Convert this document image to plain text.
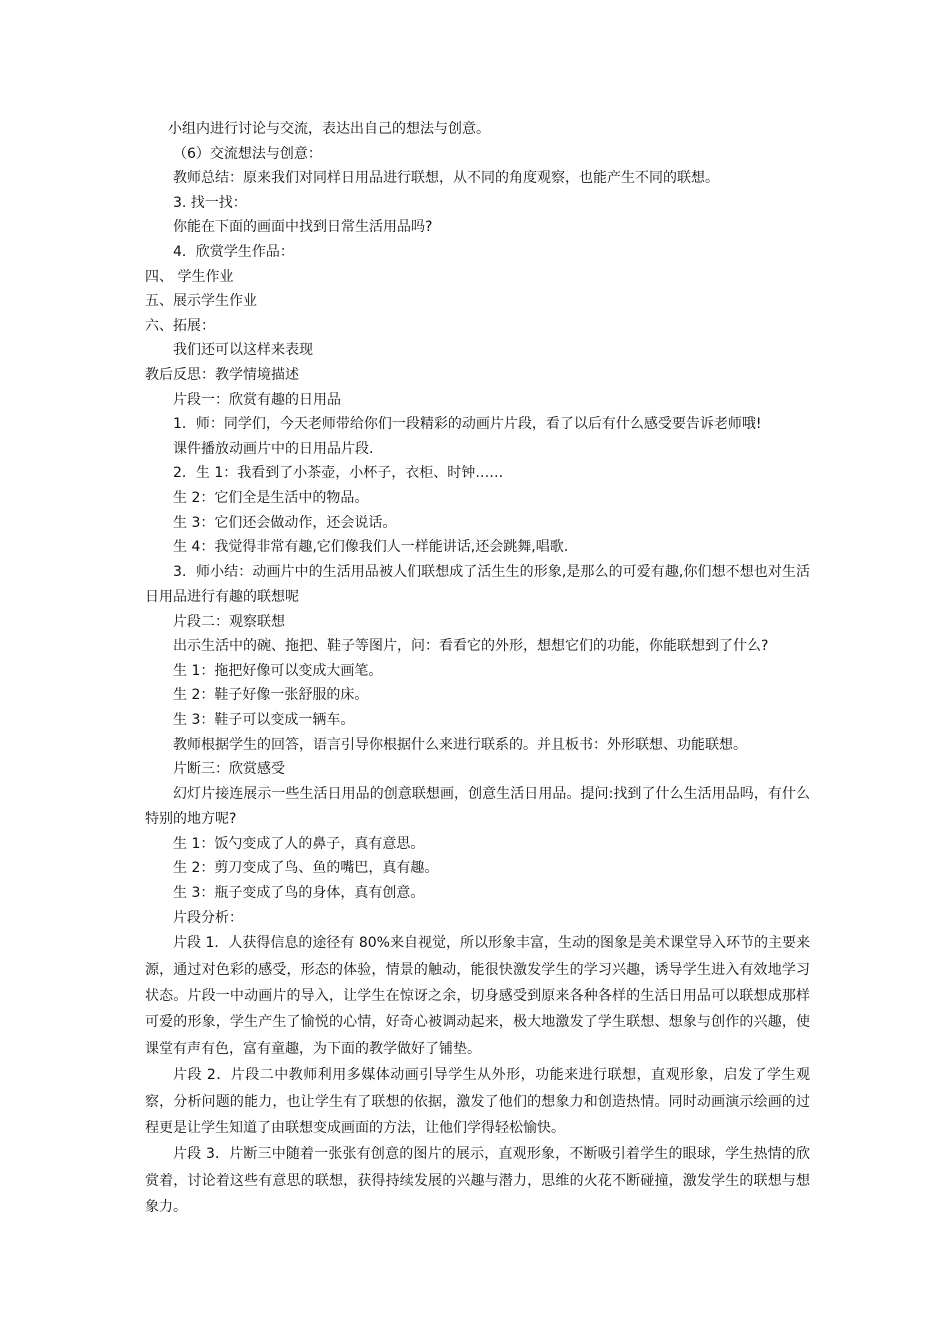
小组内进行讨论与交流，表达出自己的想法与创意。

（6）交流想法与创意：

教师总结：原来我们对同样日用品进行联想，从不同的角度观察，也能产生不同的联想。

3. 找一找：

你能在下面的画面中找到日常生活用品吗?

4．欣赏学生作品：

四、 学生作业

五、展示学生作业

六、拓展：

我们还可以这样来表现

教后反思：教学情境描述

片段一：欣赏有趣的日用品

1．师：同学们，今天老师带给你们一段精彩的动画片片段，看了以后有什么感受要告诉老师哦!

课件播放动画片中的日用品片段.

2．生 1：我看到了小茶壶，小杯子，衣柜、时钟……

生 2：它们全是生活中的物品。

生 3：它们还会做动作，还会说话。

生 4：我觉得非常有趣,它们像我们人一样能讲话,还会跳舞,唱歌.

3．师小结：动画片中的生活用品被人们联想成了活生生的形象,是那么的可爱有趣,你们想不想也对生活日用品进行有趣的联想呢

片段二：观察联想

出示生活中的碗、拖把、鞋子等图片，问：看看它的外形，想想它们的功能，你能联想到了什么?

生 1：拖把好像可以变成大画笔。

生 2：鞋子好像一张舒服的床。

生 3：鞋子可以变成一辆车。

教师根据学生的回答，语言引导你根据什么来进行联系的。并且板书：外形联想、功能联想。

片断三：欣赏感受

幻灯片接连展示一些生活日用品的创意联想画，创意生活日用品。提问:找到了什么生活用品吗，有什么特别的地方呢?

生 1：饭勺变成了人的鼻子，真有意思。

生 2：剪刀变成了鸟、鱼的嘴巴，真有趣。

生 3：瓶子变成了鸟的身体，真有创意。

片段分析：

片段 1．人获得信息的途径有 80%来自视觉，所以形象丰富，生动的图象是美术课堂导入环节的主要来源，通过对色彩的感受，形态的体验，情景的触动，能很快激发学生的学习兴趣，诱导学生进入有效地学习状态。片段一中动画片的导入，让学生在惊讶之余，切身感受到原来各种各样的生活日用品可以联想成那样可爱的形象，学生产生了愉悦的心情，好奇心被调动起来，极大地激发了学生联想、想象与创作的兴趣，使课堂有声有色，富有童趣，为下面的教学做好了铺垫。

片段 2．片段二中教师利用多媒体动画引导学生从外形，功能来进行联想，直观形象，启发了学生观察，分析问题的能力，也让学生有了联想的依据，激发了他们的想象力和创造热情。同时动画演示绘画的过程更是让学生知道了由联想变成画面的方法，让他们学得轻松愉快。

片段 3．片断三中随着一张张有创意的图片的展示，直观形象，不断吸引着学生的眼球，学生热情的欣赏着，讨论着这些有意思的联想，获得持续发展的兴趣与潜力，思维的火花不断碰撞，激发学生的联想与想象力。
